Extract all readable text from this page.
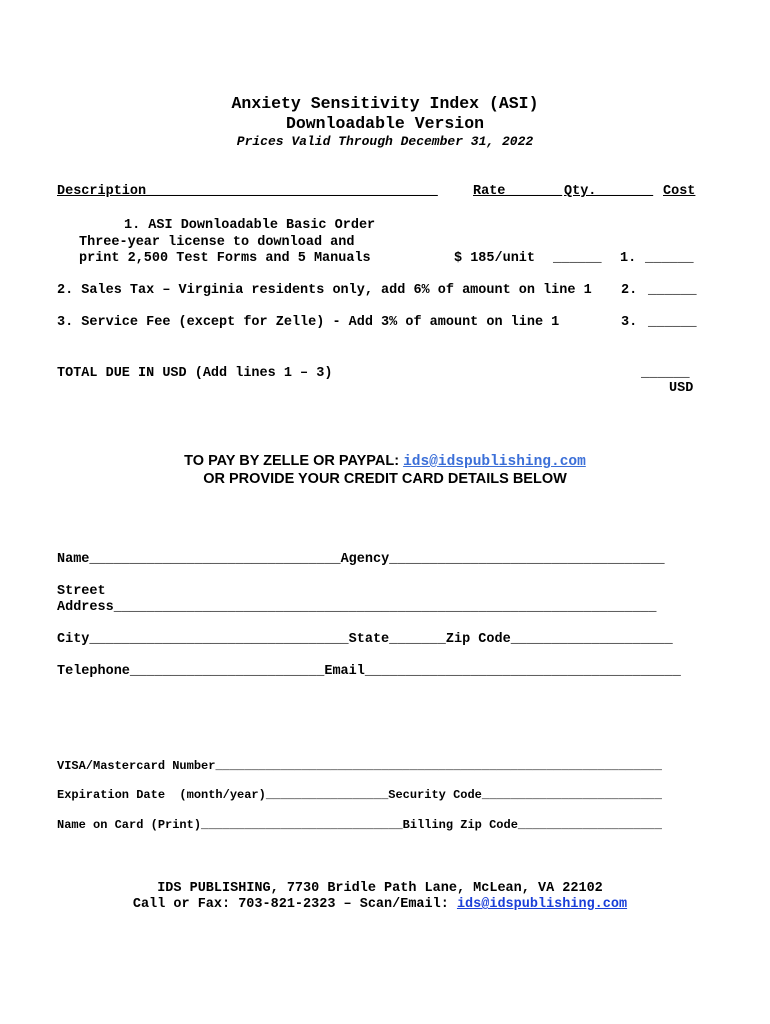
Anxiety Sensitivity Index (ASI)
Downloadable Version
Prices Valid Through December 31, 2022
Description____________________________________	Rate_______ Qty._______ Cost
1. ASI Downloadable Basic Order
Three-year license to download and
print 2,500 Test Forms and 5 Manuals	$ 185/unit ______ 1. ______
2. Sales Tax – Virginia residents only, add 6% of amount on line 1 2. ______
3. Service Fee (except for Zelle) - Add 3% of amount on line 1	3. ______
TOTAL DUE IN USD (Add lines 1 – 3)	______
USD
TO PAY BY ZELLE OR PAYPAL: ids@idspublishing.com
OR PROVIDE YOUR CREDIT CARD DETAILS BELOW
Name_______________________________Agency__________________________________
Street
Address___________________________________________________________________
City________________________________State_______Zip Code____________________
Telephone________________________Email_______________________________________
VISA/Mastercard Number______________________________________________________________
Expiration Date  (month/year)_________________Security Code_________________________
Name on Card (Print)____________________________Billing Zip Code____________________
IDS PUBLISHING, 7730 Bridle Path Lane, McLean, VA 22102
Call or Fax: 703-821-2323 – Scan/Email: ids@idspublishing.com
